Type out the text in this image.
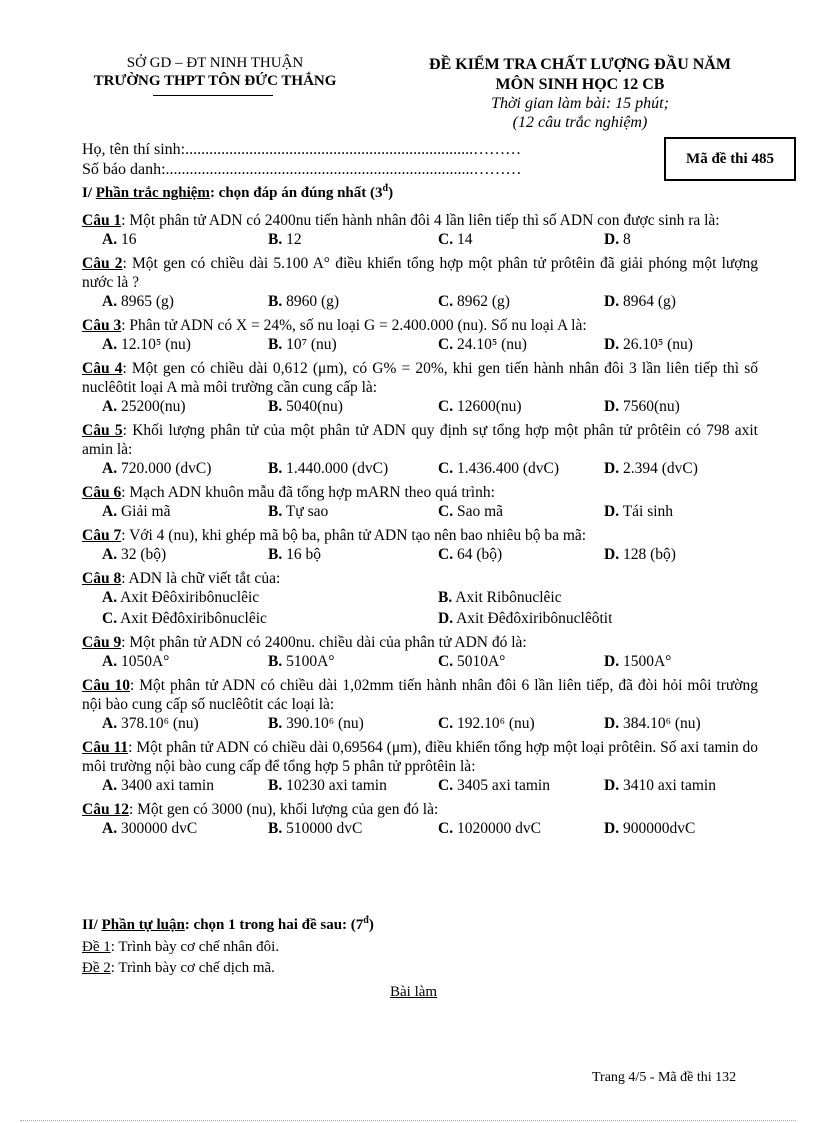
SỞ GD – ĐT NINH THUẬN
TRƯỜNG THPT TÔN ĐỨC THẮNG
ĐỀ KIỂM TRA CHẤT LƯỢNG ĐẦU NĂM
MÔN SINH HỌC 12 CB
Thời gian làm bài: 15 phút;
(12 câu trắc nghiệm)
Họ, tên thí sinh:........................................................................………
Số báo danh:.............................................................................………
Mã đề thi 485
I/ Phần trắc nghiệm: chọn đáp án đúng nhất $(3^đ)$
Câu 1: Một phân tử ADN có 2400nu tiến hành nhân đôi 4 lần liên tiếp thì số ADN con được sinh ra là:
A. 16	B. 12	C. 14	D. 8
Câu 2: Một gen có chiều dài 5.100 A° điều khiển tổng hợp một phân tử prôtêin đã giải phóng một lượng nước là ?
A. 8965 (g)	B. 8960 (g)	C. 8962 (g)	D. 8964 (g)
Câu 3: Phân tử ADN có X = 24%, số nu loại G = 2.400.000 (nu). Số nu loại A là:
A. 12.10⁵ (nu)	B. 10⁷ (nu)	C. 24.10⁵ (nu)	D. 26.10⁵ (nu)
Câu 4: Một gen có chiều dài 0,612 (μm), có G% = 20%, khi gen tiến hành nhân đôi 3 lần liên tiếp thì số nuclêôtit loại A mà môi trường cần cung cấp là:
A. 25200(nu)	B. 5040(nu)	C. 12600(nu)	D. 7560(nu)
Câu 5: Khối lượng phân tử của một phân tử ADN quy định sự tổng hợp một phân tử prôtêin có 798 axit amin là:
A. 720.000 (dvC)	B. 1.440.000 (dvC)	C. 1.436.400 (dvC)	D. 2.394 (dvC)
Câu 6: Mạch ADN khuôn mẫu đã tổng hợp mARN theo quá trình:
A. Giải mã	B. Tự sao	C. Sao mã	D. Tái sinh
Câu 7: Với 4 (nu), khi ghép mã bộ ba, phân tử ADN tạo nên bao nhiêu bộ ba mã:
A. 32 (bộ)	B. 16 bộ	C. 64 (bộ)	D. 128 (bộ)
Câu 8: ADN là chữ viết tắt của:
A. Axit Đêôxiribônuclêic	B. Axit Ribônuclêic
C. Axit Đêđôxiribônuclêic	D. Axit Đêđôxiribônuclêôtit
Câu 9: Một phân tử ADN có 2400nu. chiều dài của phân tử ADN đó là:
A. 1050A°	B. 5100A°	C. 5010A°	D. 1500A°
Câu 10: Một phân tử ADN có chiều dài 1,02mm tiến hành nhân đôi 6 lần liên tiếp, đã đòi hỏi môi trường nội bào cung cấp số nuclêôtit các loại là:
A. 378.10⁶ (nu)	B. 390.10⁶ (nu)	C. 192.10⁶ (nu)	D. 384.10⁶ (nu)
Câu 11: Một phân tử ADN có chiều dài 0,69564 (μm), điều khiển tổng hợp một loại prôtêin. Số axi tamin do môi trường nội bào cung cấp để tổng hợp 5 phân tử pprôtêin là:
A. 3400 axi tamin	B. 10230 axi tamin	C. 3405 axi tamin	D. 3410 axi tamin
Câu 12: Một gen có 3000 (nu), khối lượng của gen đó là:
A. 300000 dvC	B. 510000 dvC	C. 1020000 dvC	D. 900000dvC
II/ Phần tự luận: chọn 1 trong hai đề sau: $(7^đ)$
Đề 1: Trình bày cơ chế nhân đôi.
Đề 2: Trình bày cơ chế dịch mã.
Bài làm
Trang 4/5 - Mã đề thi 132
